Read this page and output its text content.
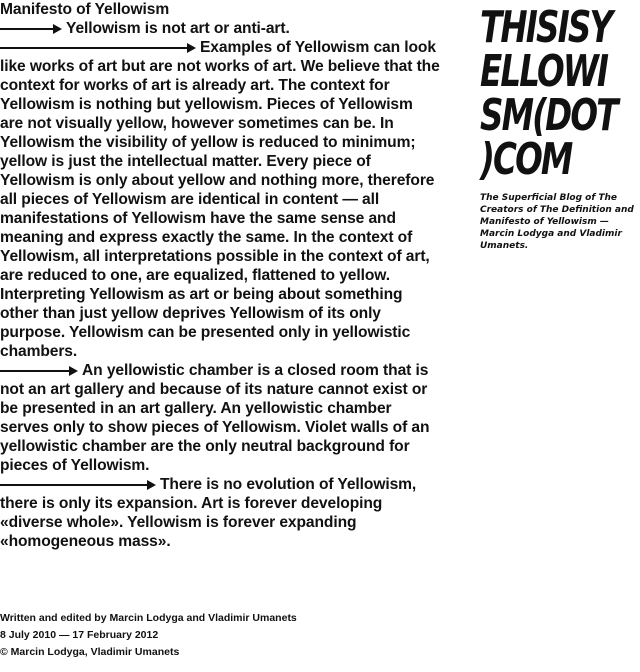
Manifesto of Yellowism
Yellowism is not art or anti-art.
Examples of Yellowism can look like works of art but are not works of art. We believe that the context for works of art is already art. The context for Yellowism is nothing but yellowism. Pieces of Yellowism are not visually yellow, however sometimes can be. In Yellowism the visibility of yellow is reduced to minimum; yellow is just the intellectual matter. Every piece of Yellowism is only about yellow and nothing more, therefore all pieces of Yellowism are identical in content — all manifestations of Yellowism have the same sense and meaning and express exactly the same. In the context of Yellowism, all interpretations possible in the context of art, are reduced to one, are equalized, flattened to yellow. Interpreting Yellowism as art or being about something other than just yellow deprives Yellowism of its only purpose. Yellowism can be presented only in yellowistic chambers.
An yellowistic chamber is a closed room that is not an art gallery and because of its nature cannot exist or be presented in an art gallery. An yellowistic chamber serves only to show pieces of Yellowism. Violet walls of an yellowistic chamber are the only neutral background for pieces of Yellowism.
There is no evolution of Yellowism, there is only its expansion. Art is forever developing «diverse whole». Yellowism is forever expanding «homogeneous mass».
THISISY
ELLOWI
SM(DOT
)COM
The Superficial Blog of The Creators of The Definition and Manifesto of Yellowism — Marcin Lodyga and Vladimir Umanets.
Written and edited by Marcin Lodyga and Vladimir Umanets
8 July 2010 — 17 February 2012
© Marcin Lodyga, Vladimir Umanets
